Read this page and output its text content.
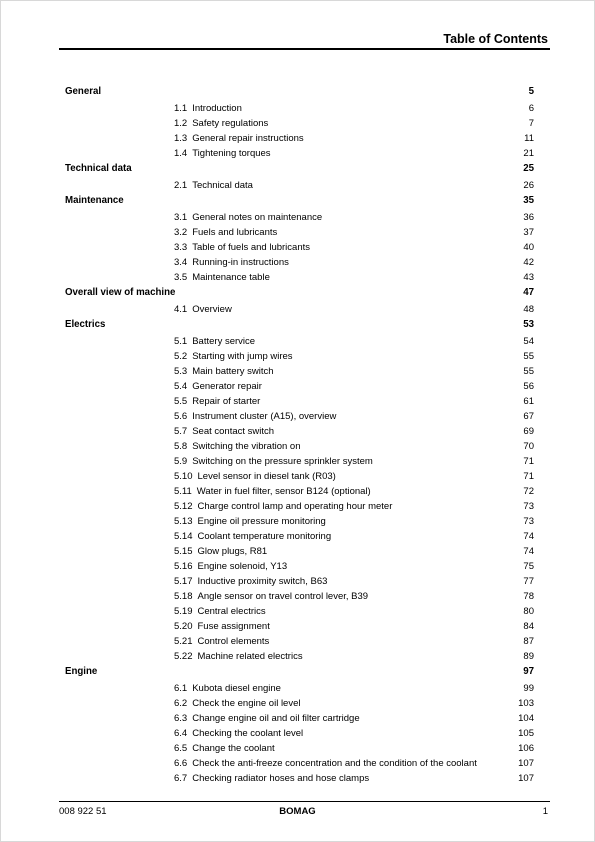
Table of Contents
General	5
1.1 Introduction	6
1.2 Safety regulations	7
1.3 General repair instructions	11
1.4 Tightening torques	21
Technical data	25
2.1 Technical data	26
Maintenance	35
3.1 General notes on maintenance	36
3.2 Fuels and lubricants	37
3.3 Table of fuels and lubricants	40
3.4 Running-in instructions	42
3.5 Maintenance table	43
Overall view of machine	47
4.1 Overview	48
Electrics	53
5.1 Battery service	54
5.2 Starting with jump wires	55
5.3 Main battery switch	55
5.4 Generator repair	56
5.5 Repair of starter	61
5.6 Instrument cluster (A15), overview	67
5.7 Seat contact switch	69
5.8 Switching the vibration on	70
5.9 Switching on the pressure sprinkler system	71
5.10 Level sensor in diesel tank (R03)	71
5.11 Water in fuel filter, sensor B124 (optional)	72
5.12 Charge control lamp and operating hour meter	73
5.13 Engine oil pressure monitoring	73
5.14 Coolant temperature monitoring	74
5.15 Glow plugs, R81	74
5.16 Engine solenoid, Y13	75
5.17 Inductive proximity switch, B63	77
5.18 Angle sensor on travel control lever, B39	78
5.19 Central electrics	80
5.20 Fuse assignment	84
5.21 Control elements	87
5.22 Machine related electrics	89
Engine	97
6.1 Kubota diesel engine	99
6.2 Check the engine oil level	103
6.3 Change engine oil and oil filter cartridge	104
6.4 Checking the coolant level	105
6.5 Change the coolant	106
6.6 Check the anti-freeze concentration and the condition of the coolant	107
6.7 Checking radiator hoses and hose clamps	107
008 922 51	BOMAG	1
